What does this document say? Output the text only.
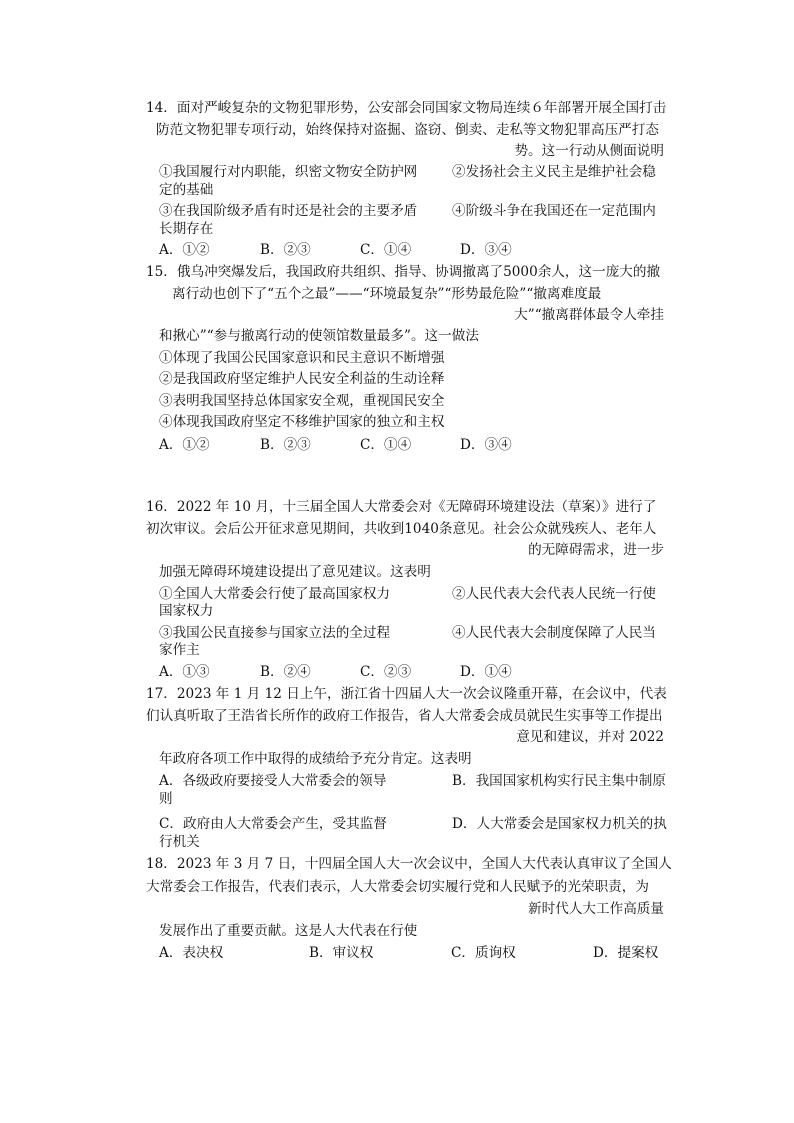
14．面对严峻复杂的文物犯罪形势，公安部会同国家文物局连续６年部署开展全国打击
防范文物犯罪专项行动，始终保持对盗掘、盗窃、倒卖、走私等文物犯罪高压严打态
势。这一行动从侧面说明
①我国履行对内职能，织密文物安全防护网	②发扬社会主义民主是维护社会稳
定的基础
③在我国阶级矛盾有时还是社会的主要矛盾	④阶级斗争在我国还在一定范围内
长期存在
A．①②	B．②③	C．①④	D．③④
15．俄乌冲突爆发后，我国政府共组织、指导、协调撤离了5000余人，这一庞大的撤
离行动也创下了“五个之最”——“环境最复杂”“形势最危险”“撤离难度最
大”“撤离群体最令人牵挂
和揪心”“参与撤离行动的使领馆数量最多”。这一做法
①体现了我国公民国家意识和民主意识不断增强
②是我国政府坚定维护人民安全利益的生动诠释
③表明我国坚持总体国家安全观，重视国民安全
④体现我国政府坚定不移维护国家的独立和主权
A．①②	B．②③	C．①④	D．③④
16．2022 年 10 月，十三届全国人大常委会对《无障碍环境建设法（草案）》进行了
初次审议。会后公开征求意见期间，共收到1040条意见。社会公众就残疾人、老年人
的无障碍需求，进一步
加强无障碍环境建设提出了意见建议。这表明
①全国人大常委会行使了最高国家权力	②人民代表大会代表人民统一行使
国家权力
③我国公民直接参与国家立法的全过程	④人民代表大会制度保障了人民当
家作主
A．①③	B．②④	C．②③	D．①④
17．2023 年 1 月 12 日上午，浙江省十四届人大一次会议隆重开幕，在会议中，代表
们认真听取了王浩省长所作的政府工作报告，省人大常委会成员就民生实事等工作提出
意见和建议，并对 2022
年政府各项工作中取得的成绩给予充分肯定。这表明
A．各级政府要接受人大常委会的领导	B．我国国家机构实行民主集中制原
则
C．政府由人大常委会产生，受其监督	D．人大常委会是国家权力机关的执
行机关
18．2023 年 3 月 7 日，十四届全国人大一次会议中，全国人大代表认真审议了全国人
大常委会工作报告，代表们表示，人大常委会切实履行党和人民赋予的光荣职责，为
新时代人大工作高质量
发展作出了重要贡献。这是人大代表在行使
A．表决权	B．审议权	C．质询权	D．提案权
